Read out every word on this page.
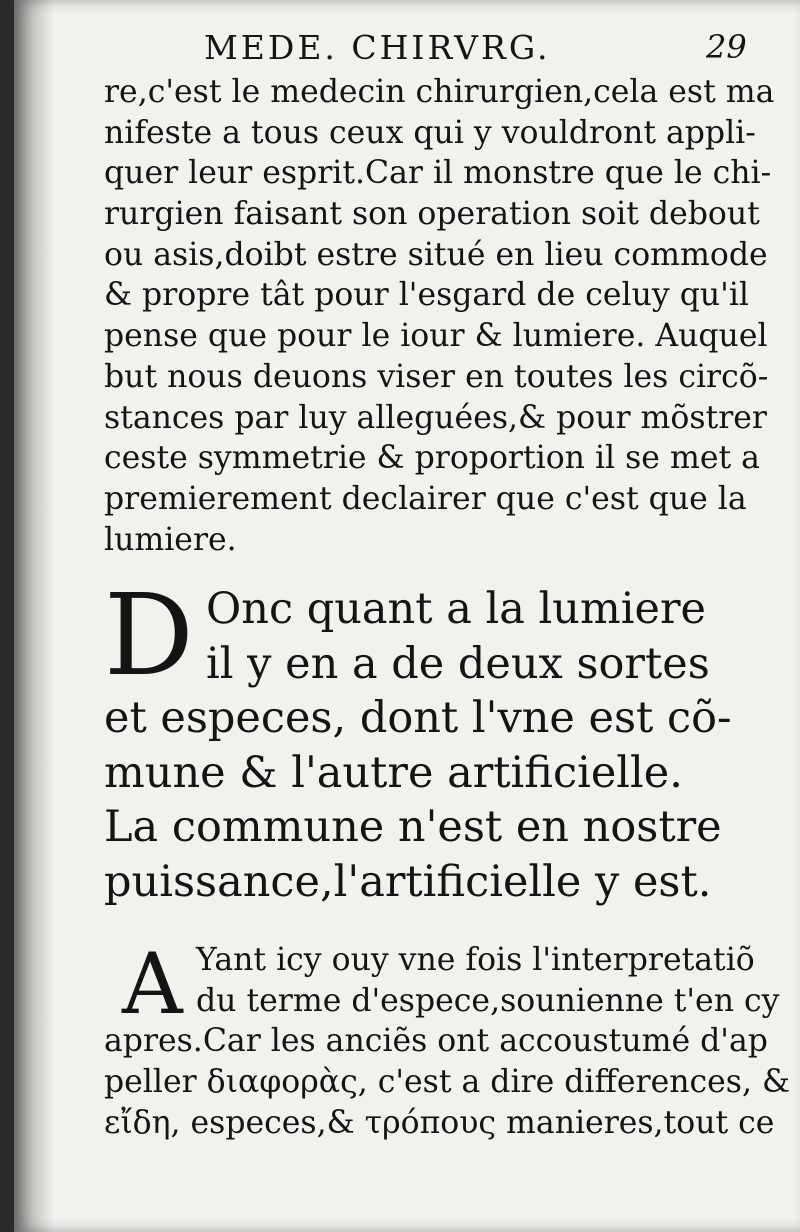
MEDE. CHIRVRG.	29
re,c'est le medecin chirurgien,cela est ma
nifeste a tous ceux qui y vouldront appli-
quer leur esprit.Car il monstre que le chi-
rurgien faisant son operation soit debout
ou asis,doibt estre situé en lieu commode
& propre tât pour l'esgard de celuy qu'il
pense que pour le iour & lumiere. Auquel
but nous deuons viser en toutes les circõ-
stances par luy alleguées,& pour mõstrer
ceste symmetrie & proportion il se met a
premierement declairer que c'est que la
lumiere.
D Onc quant a la lumiere
il y en a de deux sortes
et especes, dont l'vne est cõ-
mune & l'autre artificielle.
La commune n'est en nostre
puissance,l'artificielle y est.
A Yant icy ouy vne fois l'interpretatiõ
du terme d'espece,sounienne t'en cy
apres.Car les anciẽs ont accoustumé d'ap
peller διαφορὰς, c'est a dire differences, &
εἴδη, especes,& τρόπους manieres,tout ce
